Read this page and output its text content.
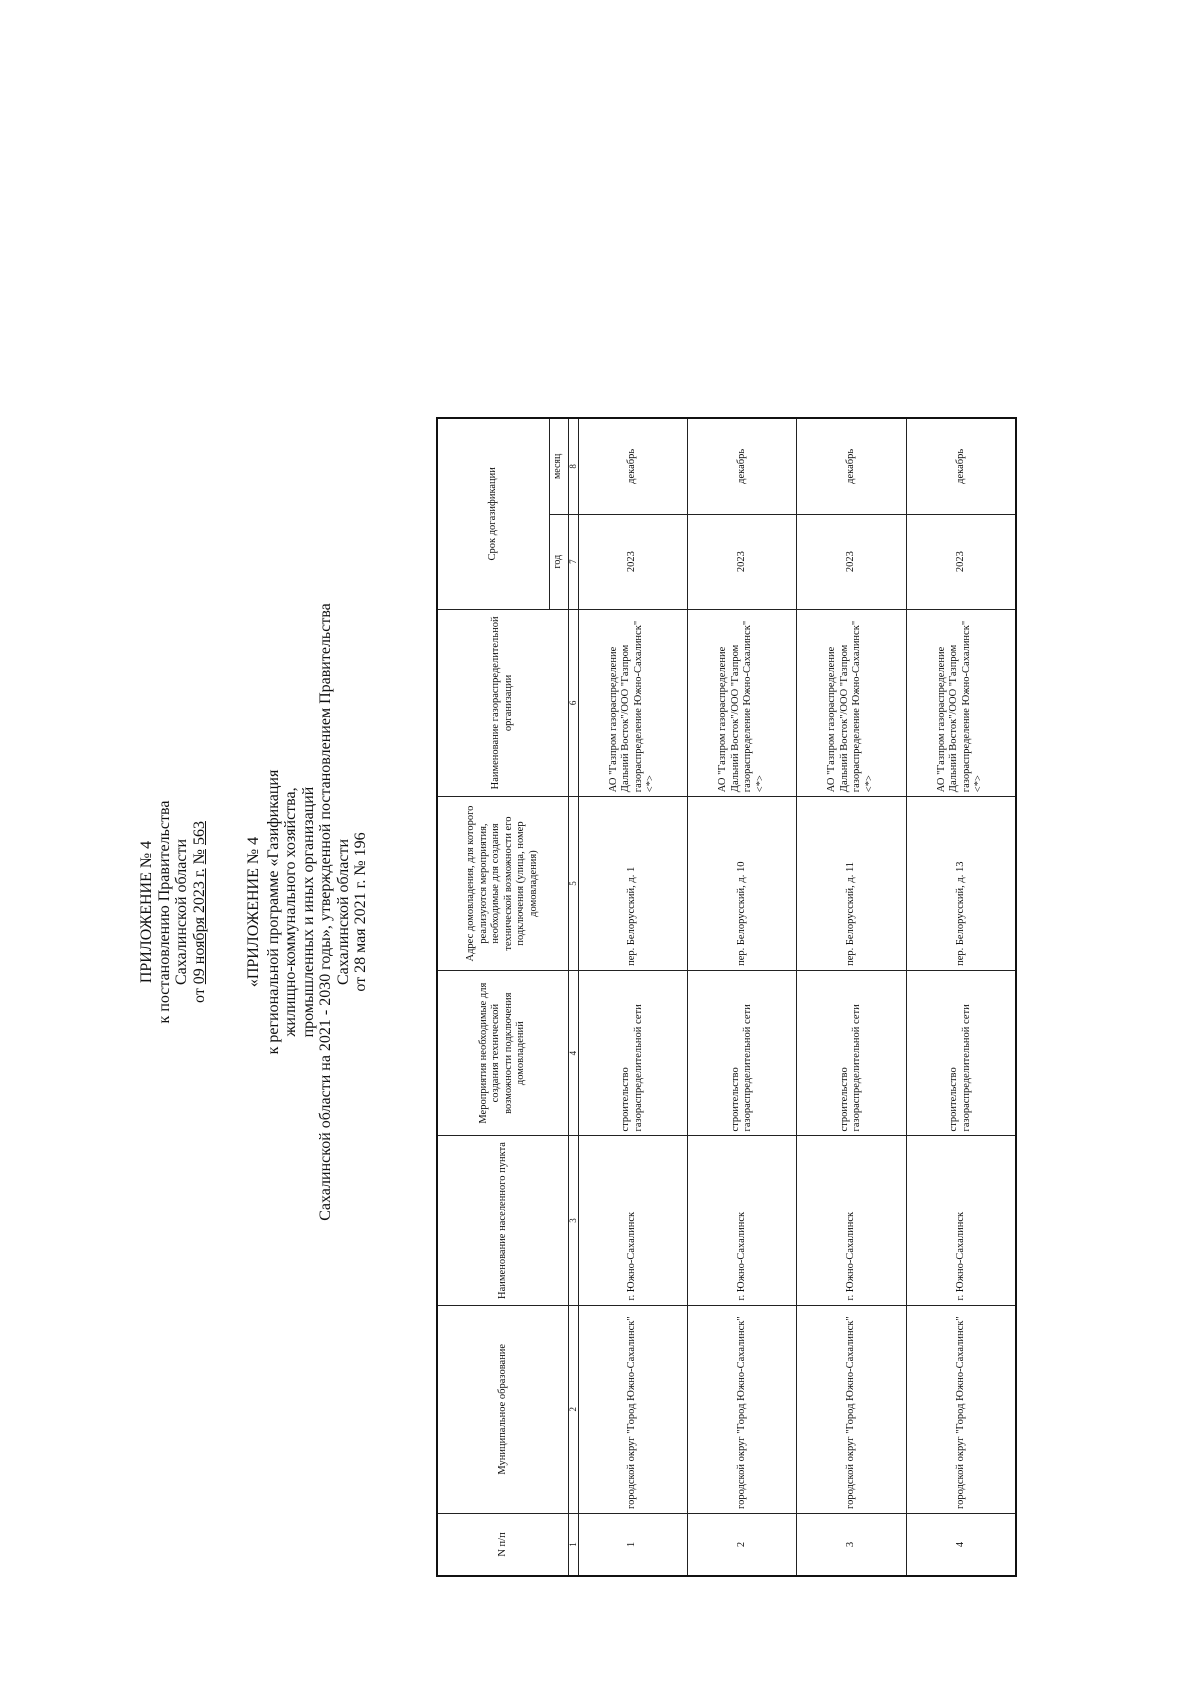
ПРИЛОЖЕНИЕ № 4 к постановлению Правительства Сахалинской области
от 09 ноября 2023 г. № 563
«ПРИЛОЖЕНИЕ № 4 к региональной программе «Газификация жилищно-коммунального хозяйства, промышленных и иных организаций Сахалинской области на 2021 - 2030 годы», утвержденной постановлением Правительства Сахалинской области от 28 мая 2021 г. № 196
N п/п	Муниципальное образование	Наименование населенного пункта	Мероприятия необходимые для создания технической возможности подключения домовладений	Адрес домовладения, для которого реализуются мероприятия, необходимые для создания технической возможности его подключения (улица, номер домовладения)	Наименование газораспределительной организации	Срок догазификации	
						год	месяц
1	2	3	4	5	6	7	8
1	городской округ "Город Южно-Сахалинск"	г. Южно-Сахалинск	строительство газораспределительной сети	пер. Белорусский, д. 1	АО "Газпром газораспределение Дальний Восток"/ООО "Газпром газораспределение Южно-Сахалинск" <*>	2023	декабрь
2	городской округ "Город Южно-Сахалинск"	г. Южно-Сахалинск	строительство газораспределительной сети	пер. Белорусский, д. 10	АО "Газпром газораспределение Дальний Восток"/ООО "Газпром газораспределение Южно-Сахалинск" <*>	2023	декабрь
3	городской округ "Город Южно-Сахалинск"	г. Южно-Сахалинск	строительство газораспределительной сети	пер. Белорусский, д. 11	АО "Газпром газораспределение Дальний Восток"/ООО "Газпром газораспределение Южно-Сахалинск" <*>	2023	декабрь
4	городской округ "Город Южно-Сахалинск"	г. Южно-Сахалинск	строительство газораспределительной сети	пер. Белорусский, д. 13	АО "Газпром газораспределение Дальний Восток"/ООО "Газпром газораспределение Южно-Сахалинск" <*>	2023	декабрь
